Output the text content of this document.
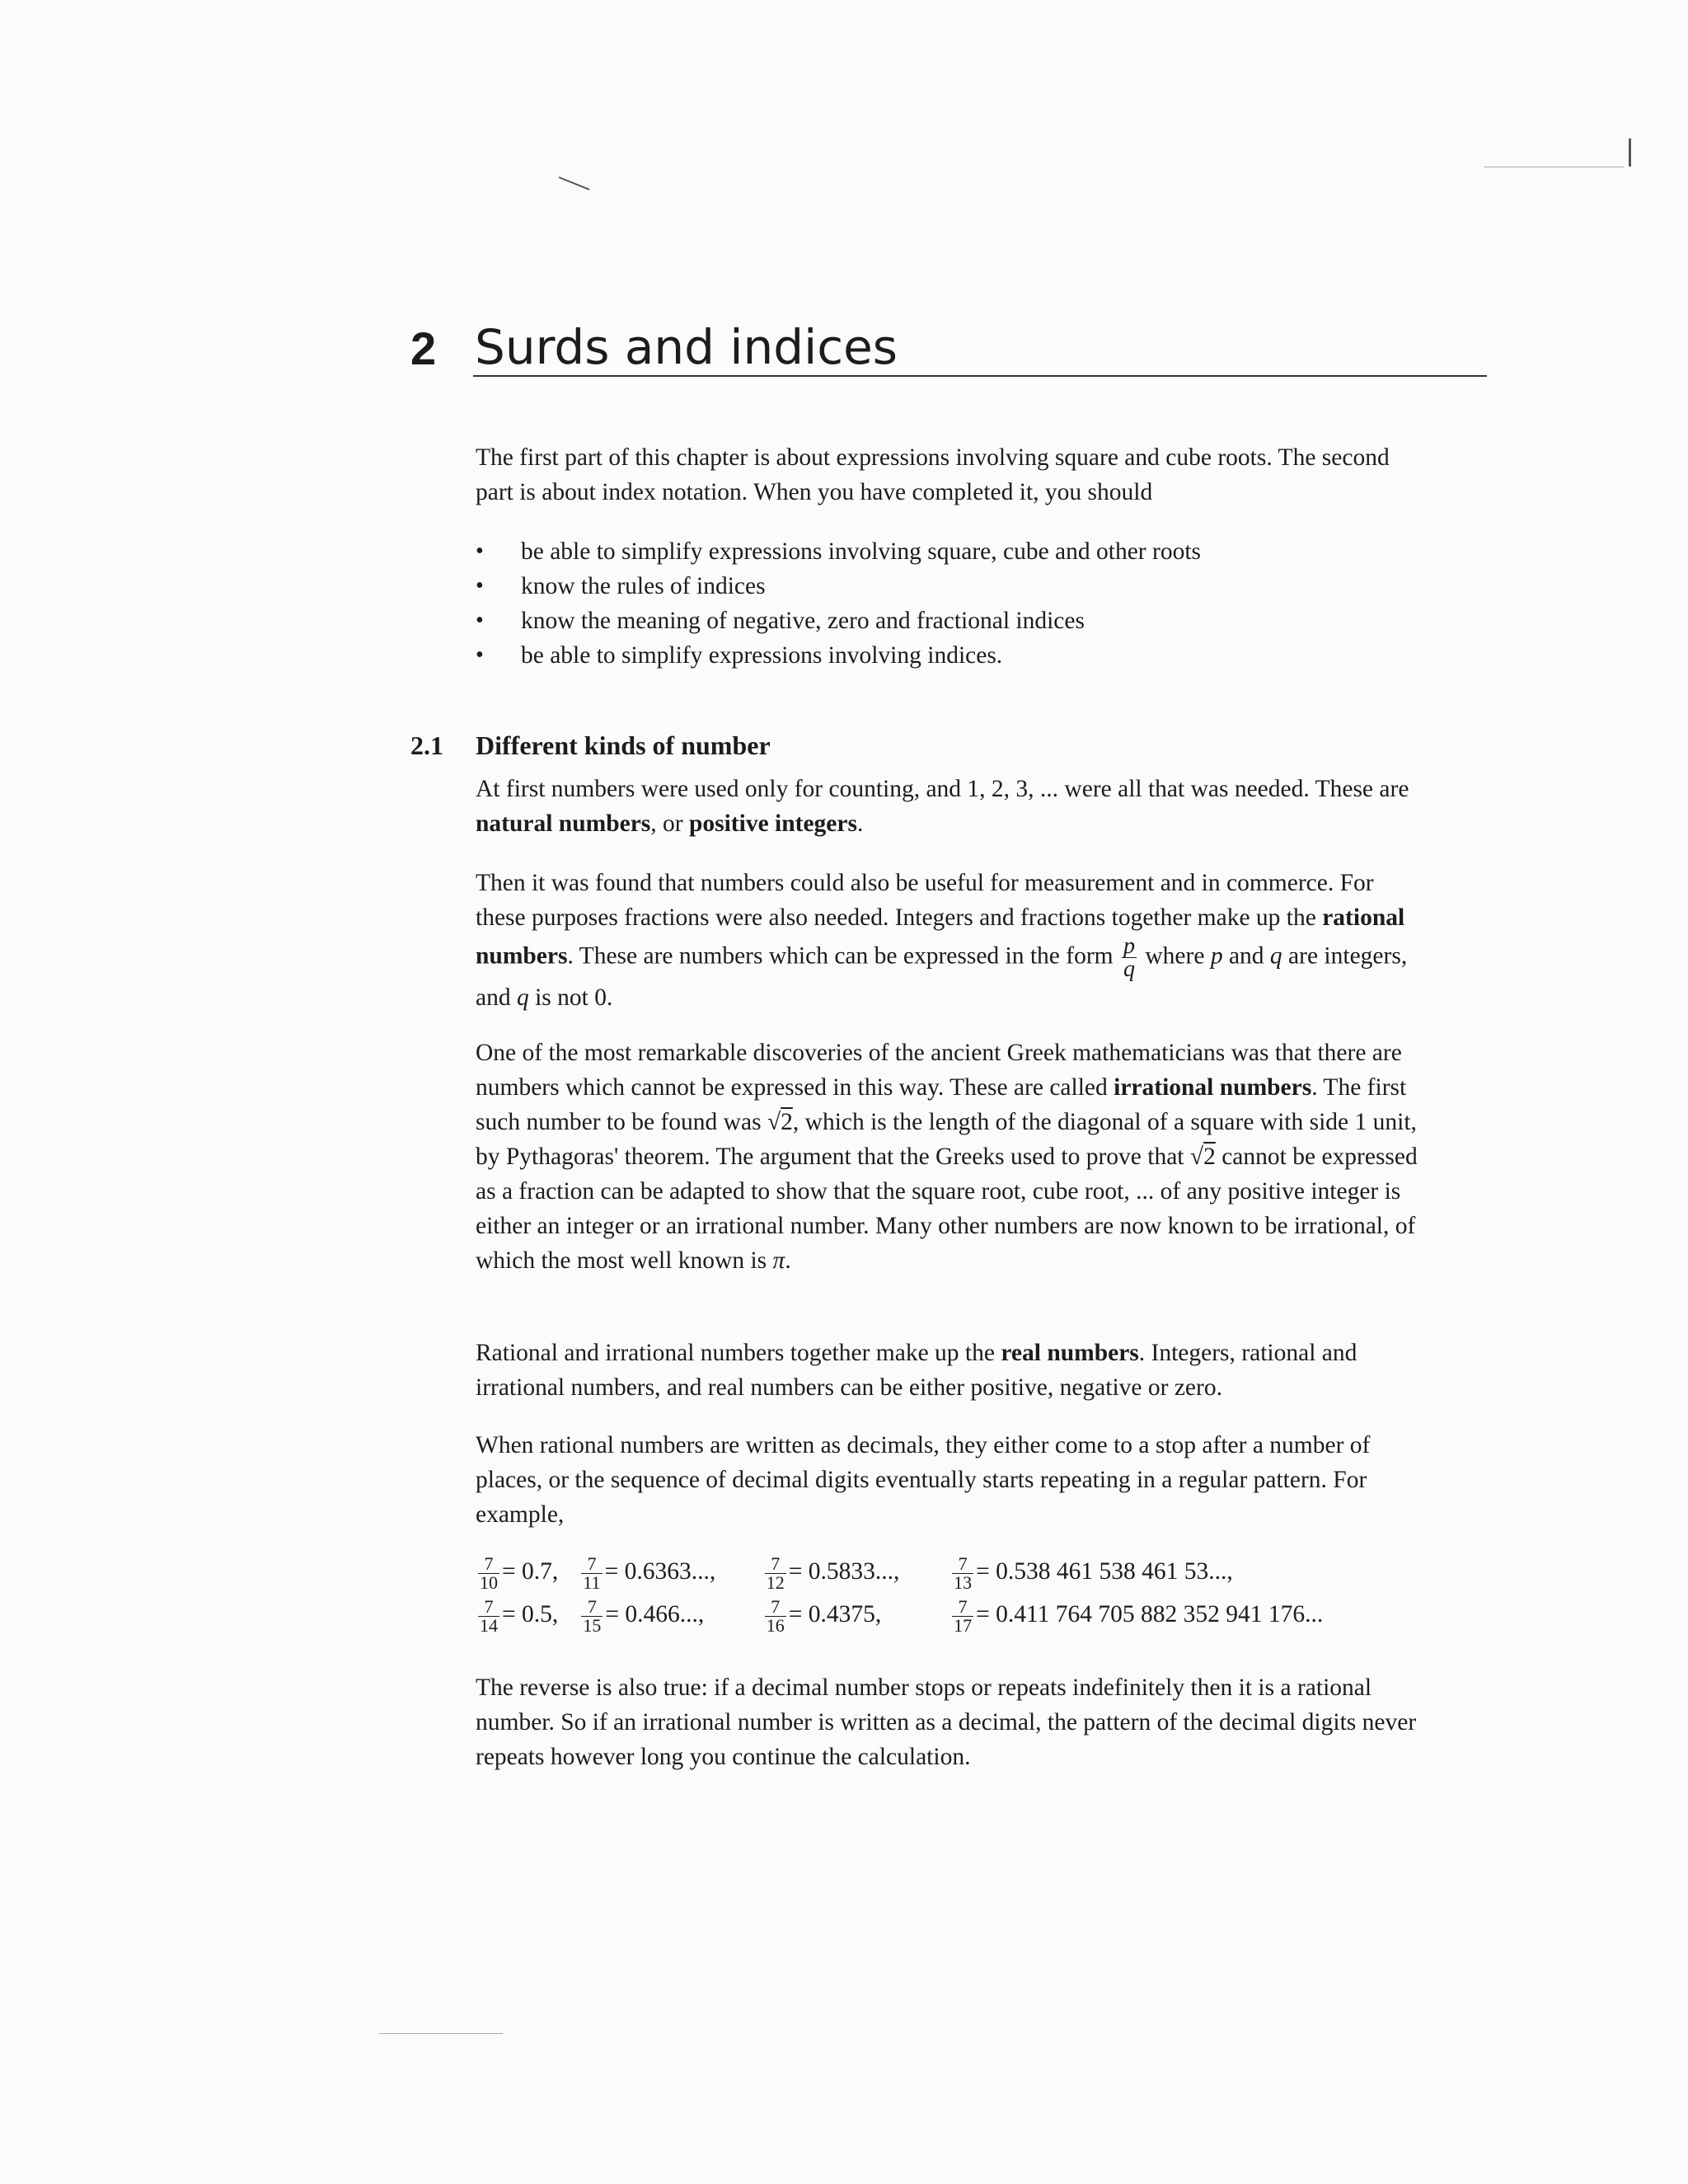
2 Surds and indices

The first part of this chapter is about expressions involving square and cube roots. The second part is about index notation. When you have completed it, you should

• be able to simplify expressions involving square, cube and other roots
• know the rules of indices
• know the meaning of negative, zero and fractional indices
• be able to simplify expressions involving indices.
2.1 Different kinds of number

At first numbers were used only for counting, and 1, 2, 3, ... were all that was needed. These are natural numbers, or positive integers.

Then it was found that numbers could also be useful for measurement and in commerce. For these purposes fractions were also needed. Integers and fractions together make up the rational numbers. These are numbers which can be expressed in the form $\frac{p}{q}$ where p and q are integers, and q is not 0.

One of the most remarkable discoveries of the ancient Greek mathematicians was that there are numbers which cannot be expressed in this way. These are called irrational numbers. The first such number to be found was √2, which is the length of the diagonal of a square with side 1 unit, by Pythagoras' theorem. The argument that the Greeks used to prove that √2 cannot be expressed as a fraction can be adapted to show that the square root, cube root, ... of any positive integer is either an integer or an irrational number. Many other numbers are now known to be irrational, of which the most well known is π.

Rational and irrational numbers together make up the real numbers. Integers, rational and irrational numbers, and real numbers can be either positive, negative or zero.

When rational numbers are written as decimals, they either come to a stop after a number of places, or the sequence of decimal digits eventually starts repeating in a regular pattern. For example,

$\frac{7}{10} = 0.7$, $\frac{7}{11} = 0.6363$...,	$\frac{7}{12} = 0.5833$...,	$\frac{7}{13} = 0.538$ 461 538 461 53...,
$\frac{7}{14} = 0.5$, $\frac{7}{15} = 0.466$...,	$\frac{7}{16} = 0.4375$,	$\frac{7}{17} = 0.411$ 764 705 882 352 941 176...

The reverse is also true: if a decimal number stops or repeats indefinitely then it is a rational number. So if an irrational number is written as a decimal, the pattern of the decimal digits never repeats however long you continue the calculation.
